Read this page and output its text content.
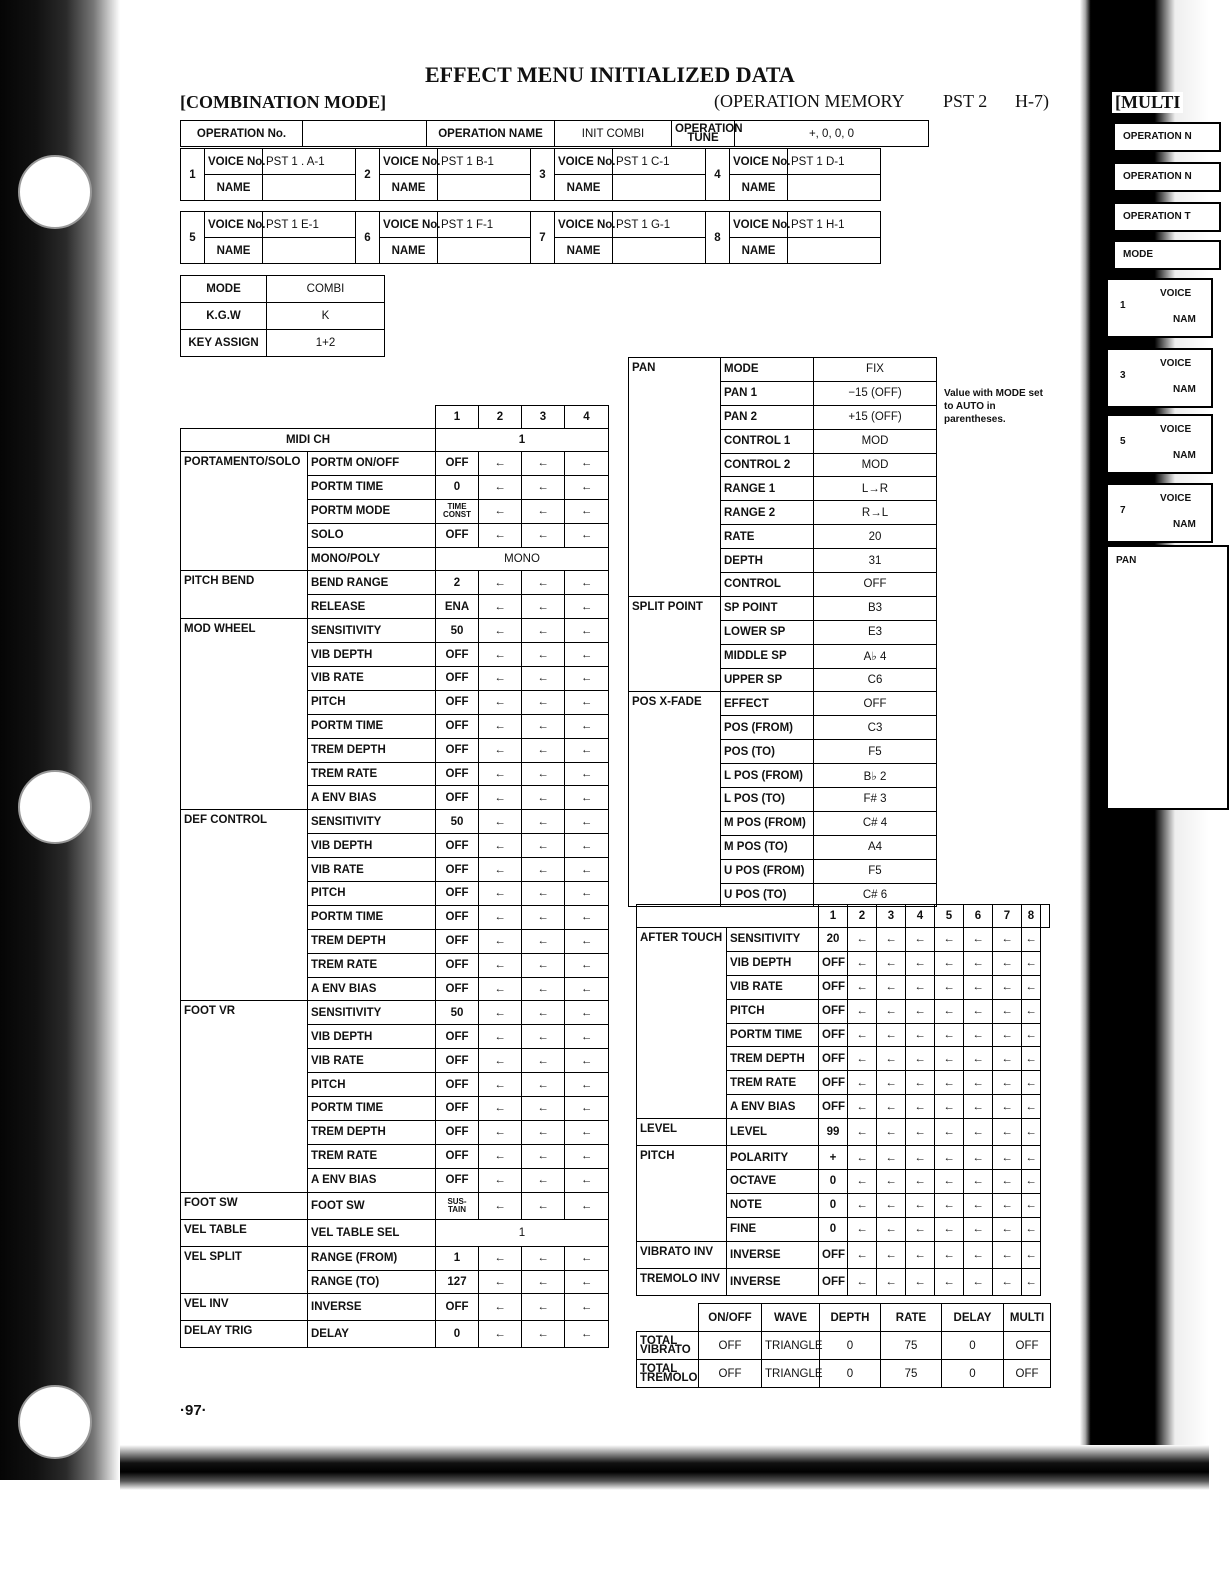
EFFECT MENU INITIALIZED DATA
[COMBINATION MODE]	(OPERATION MEMORY PST 2 H-7)
OPERATION No.		OPERATION NAME	INIT COMBI	OPERATION
TUNE	+, 0, 0, 0
1	VOICE No.	PST 1 . A-1	2	VOICE No.	PST 1 B-1	3	VOICE No.	PST 1 C-1	4	VOICE No.	PST 1 D-1
	NAME			NAME			NAME			NAME	
5	VOICE No.	PST 1 E-1	6	VOICE No.	PST 1 F-1	7	VOICE No.	PST 1 G-1	8	VOICE No.	PST 1 H-1
	NAME			NAME			NAME			NAME	
MODE	COMBI
K.G.W	K
KEY ASSIGN	1+2
		1	2	3	4
MIDI CH		1			
PORTAMENTO/SOLO	PORTM ON/OFF	OFF	←	←	←
	PORTM TIME	0	←	←	←
	PORTM MODE	TIME CONST	←	←	←
	SOLO	OFF	←	←	←
	MONO/POLY	MONO			
PITCH BEND	BEND RANGE	2	←	←	←
	RELEASE	ENA	←	←	←
MOD WHEEL	SENSITIVITY	50	←	←	←
	VIB DEPTH	OFF	←	←	←
	VIB RATE	OFF	←	←	←
	PITCH	OFF	←	←	←
	PORTM TIME	OFF	←	←	←
	TREM DEPTH	OFF	←	←	←
	TREM RATE	OFF	←	←	←
	A ENV BIAS	OFF	←	←	←
DEF CONTROL	SENSITIVITY	50	←	←	←
	VIB DEPTH	OFF	←	←	←
	VIB RATE	OFF	←	←	←
	PITCH	OFF	←	←	←
	PORTM TIME	OFF	←	←	←
	TREM DEPTH	OFF	←	←	←
	TREM RATE	OFF	←	←	←
	A ENV BIAS	OFF	←	←	←
FOOT VR	SENSITIVITY	50	←	←	←
	VIB DEPTH	OFF	←	←	←
	VIB RATE	OFF	←	←	←
	PITCH	OFF	←	←	←
	PORTM TIME	OFF	←	←	←
	TREM DEPTH	OFF	←	←	←
	TREM RATE	OFF	←	←	←
	A ENV BIAS	OFF	←	←	←
FOOT SW	FOOT SW	SUS-TAIN	←	←	←
VEL TABLE	VEL TABLE SEL	1			
VEL SPLIT	RANGE (FROM)	1	←	←	←
	RANGE (TO)	127	←	←	←
VEL INV	INVERSE	OFF	←	←	←
DELAY TRIG	DELAY	0	←	←	←
PAN	MODE	FIX
	PAN 1	−15 (OFF)
	PAN 2	+15 (OFF)
	CONTROL 1	MOD
	CONTROL 2	MOD
	RANGE 1	L→R
	RANGE 2	R→L
	RATE	20
	DEPTH	31
	CONTROL	OFF
SPLIT POINT	SP POINT	B3
	LOWER SP	E3
	MIDDLE SP	A♭ 4
	UPPER SP	C6
POS X-FADE	EFFECT	OFF
	POS (FROM)	C3
	POS (TO)	F5
	L POS (FROM)	B♭ 2
	L POS (TO)	F# 3
	M POS (FROM)	C# 4
	M POS (TO)	A4
	U POS (FROM)	F5
	U POS (TO)	C# 6
Value with MODE set to AUTO in parentheses.
		1	2	3	4	5	6	7	8	
AFTER TOUCH	SENSITIVITY	20	←	←	←	←	←	←	←	
	VIB DEPTH	OFF	←	←	←	←	←	←	←	
	VIB RATE	OFF	←	←	←	←	←	←	←	
	PITCH	OFF	←	←	←	←	←	←	←	
	PORTM TIME	OFF	←	←	←	←	←	←	←	
	TREM DEPTH	OFF	←	←	←	←	←	←	←	
	TREM RATE	OFF	←	←	←	←	←	←	←	
	A ENV BIAS	OFF	←	←	←	←	←	←	←	
LEVEL	LEVEL	99	←	←	←	←	←	←	←	
PITCH	POLARITY	+	←	←	←	←	←	←	←	
	OCTAVE	0	←	←	←	←	←	←	←	
	NOTE	0	←	←	←	←	←	←	←	
	FINE	0	←	←	←	←	←	←	←	
VIBRATO INV	INVERSE	OFF	←	←	←	←	←	←	←	
TREMOLO INV	INVERSE	OFF	←	←	←	←	←	←	←	
	ON/OFF	WAVE	DEPTH	RATE	DELAY	MULTI
TOTAL VIBRATO	OFF	TRIANGLE	0	75	0	OFF
TOTAL TREMOLO	OFF	TRIANGLE	0	75	0	OFF
·97·
[MULTI
OPERATION N
OPERATION N
OPERATION T
MODE
1
VOICE
NAM
3
VOICE
NAM
5
VOICE
NAM
7
VOICE
NAM
PAN
